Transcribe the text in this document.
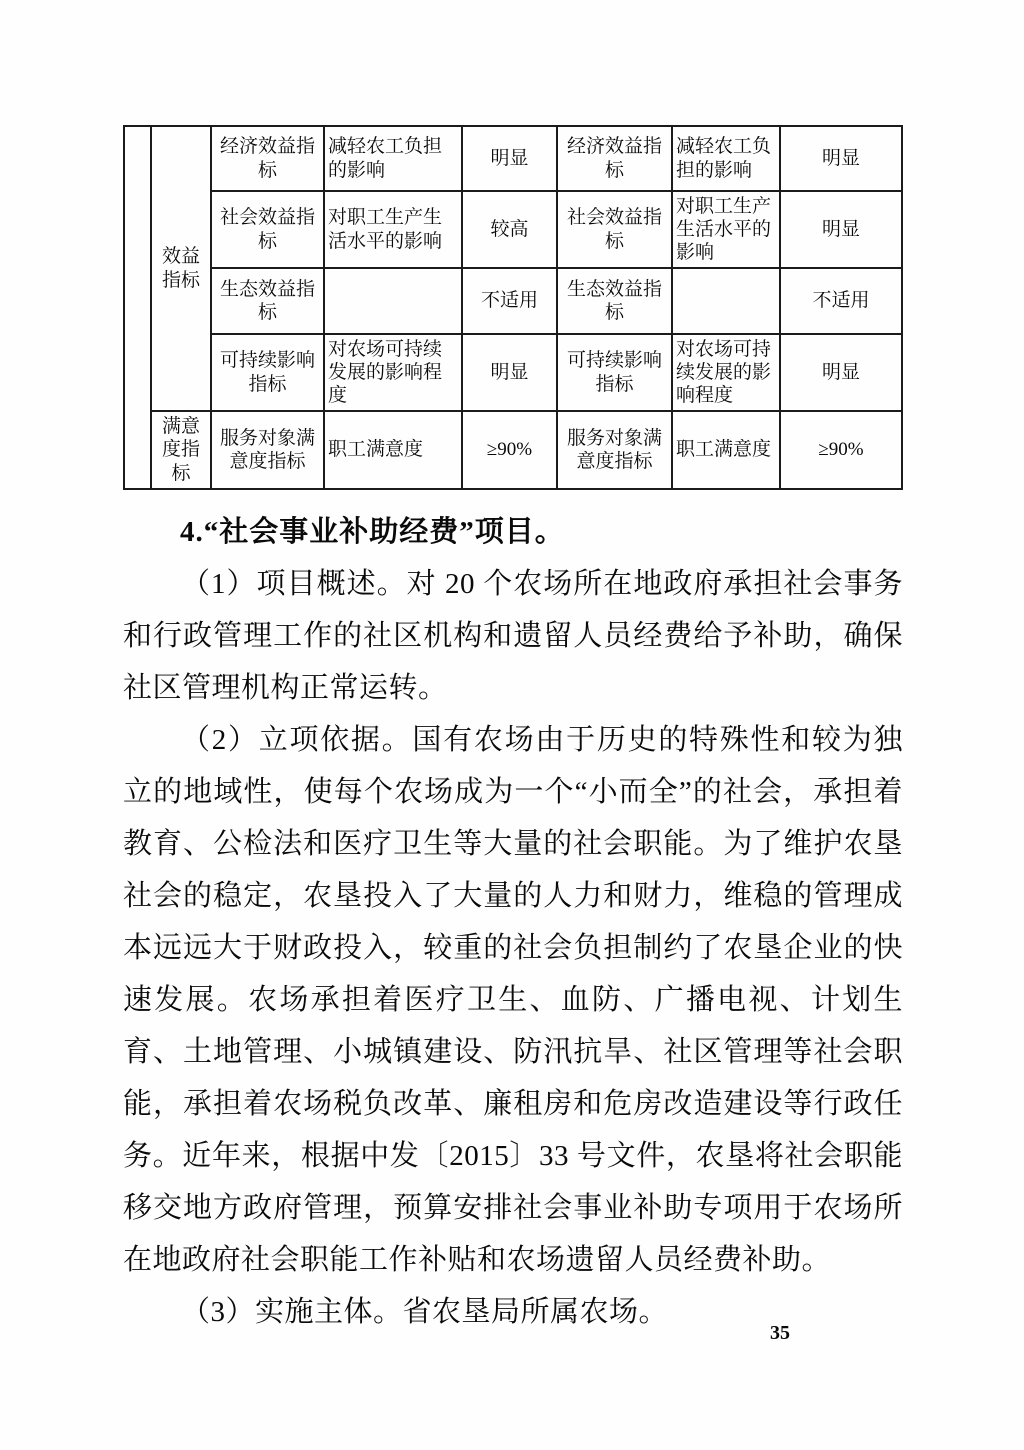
	效益指标	经济效益指标	减轻农工负担的影响	明显	经济效益指标	减轻农工负担的影响	明显
		社会效益指标	对职工生产生活水平的影响	较高	社会效益指标	对职工生产生活水平的影响	明显
		生态效益指标		不适用	生态效益指标		不适用
		可持续影响指标	对农场可持续发展的影响程度	明显	可持续影响指标	对农场可持续发展的影响程度	明显
	满意度指标	服务对象满意度指标	职工满意度	≥90%	服务对象满意度指标	职工满意度	≥90%
4.“社会事业补助经费”项目。
（1）项目概述。对 20 个农场所在地政府承担社会事务和行政管理工作的社区机构和遗留人员经费给予补助，确保社区管理机构正常运转。
（2）立项依据。国有农场由于历史的特殊性和较为独立的地域性，使每个农场成为一个“小而全”的社会，承担着教育、公检法和医疗卫生等大量的社会职能。为了维护农垦社会的稳定，农垦投入了大量的人力和财力，维稳的管理成本远远大于财政投入，较重的社会负担制约了农垦企业的快速发展。农场承担着医疗卫生、血防、广播电视、计划生育、土地管理、小城镇建设、防汛抗旱、社区管理等社会职能，承担着农场税负改革、廉租房和危房改造建设等行政任务。近年来，根据中发〔2015〕33 号文件，农垦将社会职能移交地方政府管理，预算安排社会事业补助专项用于农场所在地政府社会职能工作补贴和农场遗留人员经费补助。
（3）实施主体。省农垦局所属农场。
35
